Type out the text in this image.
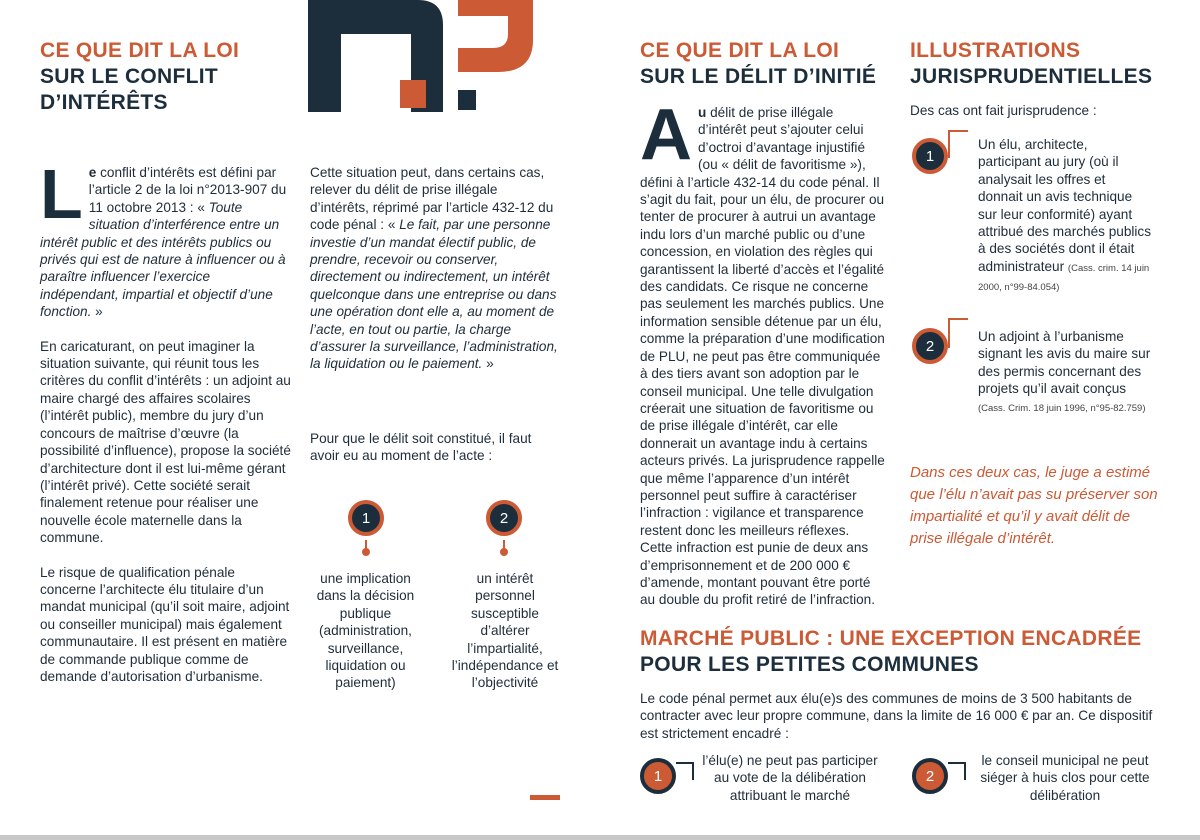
CE QUE DIT LA LOI
SUR LE CONFLIT
D’INTÉRÊTS

Le conflit d’intérêts est défini par l’article 2 de la loi n°2013-907 du 11 octobre 2013 : « Toute situation d’interférence entre un intérêt public et des intérêts publics ou privés qui est de nature à influencer ou à paraître influencer l’exercice indépendant, impartial et objectif d’une fonction. »

En caricaturant, on peut imaginer la situation suivante, qui réunit tous les critères du conflit d’intérêts : un adjoint au maire chargé des affaires scolaires (l’intérêt public), membre du jury d’un concours de maîtrise d’œuvre (la possibilité d’influence), propose la société d’architecture dont il est lui-même gérant (l’intérêt privé). Cette société serait finalement retenue pour réaliser une nouvelle école maternelle dans la commune.

Le risque de qualification pénale concerne l’architecte élu titulaire d’un mandat municipal (qu’il soit maire, adjoint ou conseiller municipal) mais également communautaire. Il est présent en matière de commande publique comme de demande d’autorisation d’urbanisme.

Cette situation peut, dans certains cas, relever du délit de prise illégale d’intérêts, réprimé par l’article 432-12 du code pénal : « Le fait, par une personne investie d’un mandat électif public, de prendre, recevoir ou conserver, directement ou indirectement, un intérêt quelconque dans une entreprise ou dans une opération dont elle a, au moment de l’acte, en tout ou partie, la charge d’assurer la surveillance, l’administration, la liquidation ou le paiement. »

Pour que le délit soit constitué, il faut avoir eu au moment de l’acte :
1
une implication dans la décision publique (administration, surveillance, liquidation ou paiement)
2
un intérêt personnel susceptible d’altérer l’impartialité, l’indépendance et l’objectivité
CE QUE DIT LA LOI
SUR LE DÉLIT D’INITIÉ

Au délit de prise illégale d’intérêt peut s’ajouter celui d’octroi d’avantage injustifié (ou « délit de favoritisme »), défini à l’article 432-14 du code pénal. Il s’agit du fait, pour un élu, de procurer ou tenter de procurer à autrui un avantage indu lors d’un marché public ou d’une concession, en violation des règles qui garantissent la liberté d’accès et l’égalité des candidats. Ce risque ne concerne pas seulement les marchés publics. Une information sensible détenue par un élu, comme la préparation d’une modification de PLU, ne peut pas être communiquée à des tiers avant son adoption par le conseil municipal. Une telle divulgation créerait une situation de favoritisme ou de prise illégale d’intérêt, car elle donnerait un avantage indu à certains acteurs privés. La jurisprudence rappelle que même l’apparence d’un intérêt personnel peut suffire à caractériser l’infraction : vigilance et transparence restent donc les meilleurs réflexes. Cette infraction est punie de deux ans d’emprisonnement et de 200 000 € d’amende, montant pouvant être porté au double du profit retiré de l’infraction.

ILLUSTRATIONS
JURISPRUDENTIELLES
Des cas ont fait jurisprudence :
1
Un élu, architecte, participant au jury (où il analysait les offres et donnait un avis technique sur leur conformité) ayant attribué des marchés publics à des sociétés dont il était administrateur (Cass. crim. 14 juin 2000, n°99-84.054)
2
Un adjoint à l’urbanisme signant les avis du maire sur des permis concernant des projets qu’il avait conçus (Cass. Crim. 18 juin 1996, n°95-82.759)
Dans ces deux cas, le juge a estimé que l’élu n’avait pas su préserver son impartialité et qu’il y avait délit de prise illégale d’intérêt.
MARCHÉ PUBLIC : UNE EXCEPTION ENCADRÉE
POUR LES PETITES COMMUNES
Le code pénal permet aux élu(e)s des communes de moins de 3 500 habitants de contracter avec leur propre commune, dans la limite de 16 000 € par an. Ce dispositif est strictement encadré :
1
l’élu(e) ne peut pas participer au vote de la délibération attribuant le marché
2
le conseil municipal ne peut siéger à huis clos pour cette délibération
